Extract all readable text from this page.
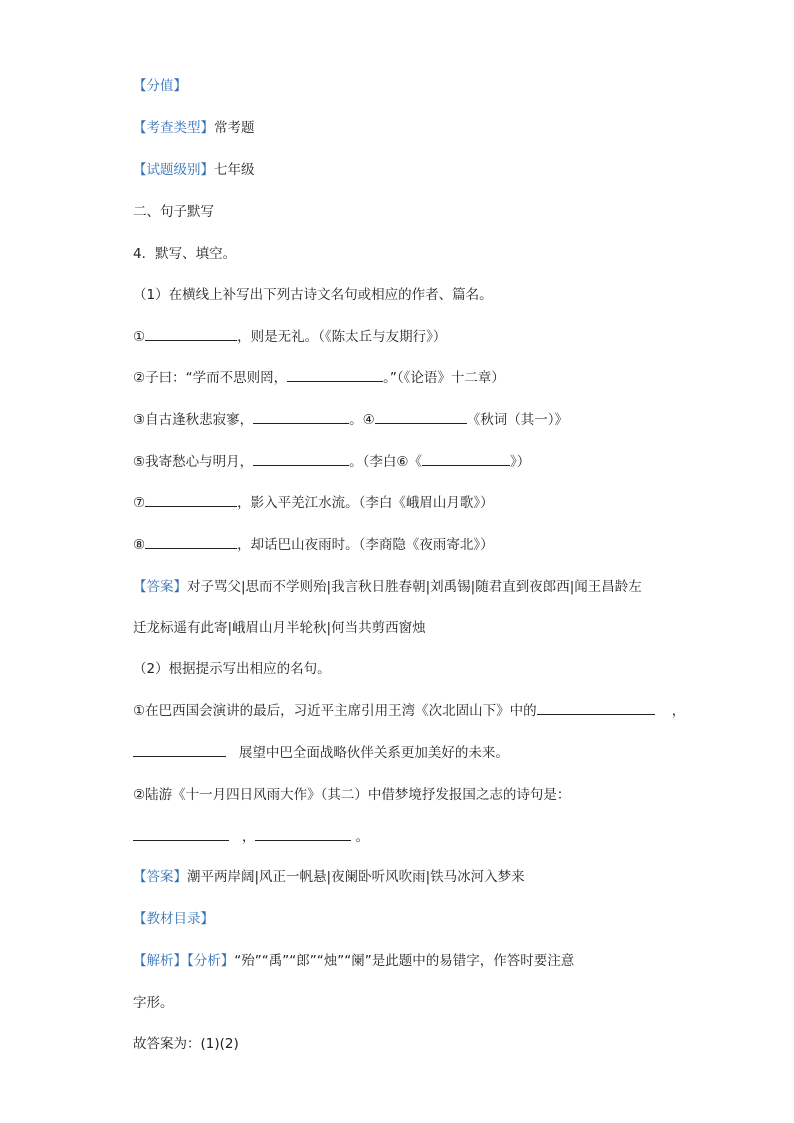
【分值】
【考查类型】常考题
【试题级别】七年级
二、句子默写
4．默写、填空。
（1）在横线上补写出下列古诗文名句或相应的作者、篇名。
①	，则是无礼。（《陈太丘与友期行》）
②子曰：“学而不思则罔，	。”（《论语》十二章）
③自古逢秋悲寂寥，	。④	《秋词（其一）》
⑤我寄愁心与明月，	。（李白⑥《	》）
⑦	，影入平羌江水流。（李白《峨眉山月歌》）
⑧	，却话巴山夜雨时。（李商隐《夜雨寄北》）
【答案】对子骂父|思而不学则殆|我言秋日胜春朝|刘禹锡|随君直到夜郎西|闻王昌龄左
迁龙标遥有此寄|峨眉山月半轮秋|何当共剪西窗烛
（2）根据提示写出相应的名句。
①在巴西国会演讲的最后，习近平主席引用王湾《次北固山下》中的	，
展望中巴全面战略伙伴关系更加美好的未来。
②陆游《十一月四日风雨大作》（其二）中借梦境抒发报国之志的诗句是：
，	。
【答案】潮平两岸阔|风正一帆悬|夜阑卧听风吹雨|铁马冰河入梦来
【教材目录】
【解析】【分析】“殆”“禹”“郎”“烛”“阑”是此题中的易错字，作答时要注意
字形。
故答案为：(1)(2)
